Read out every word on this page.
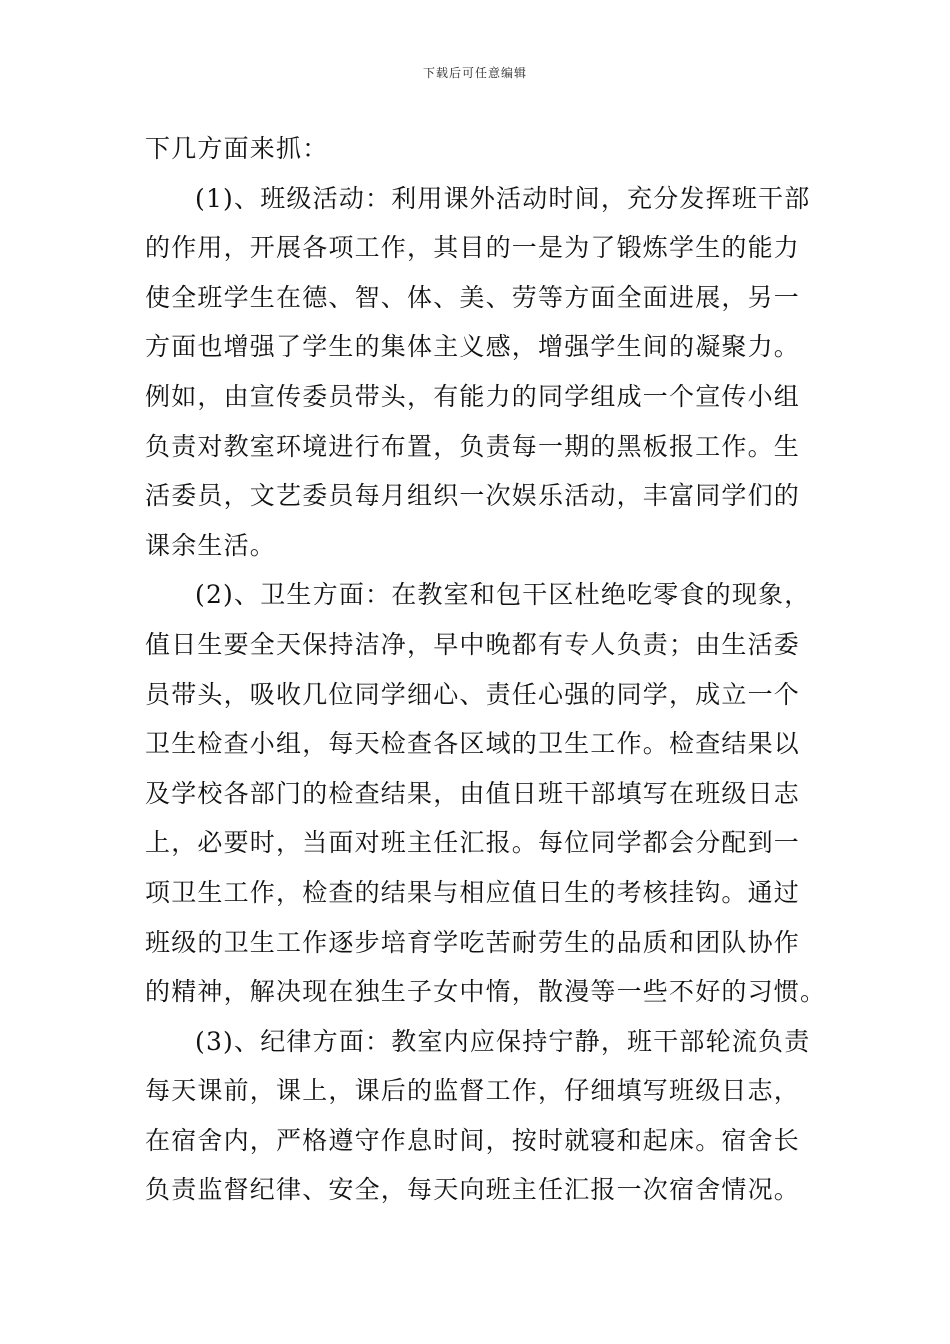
下载后可任意编辑
下几方面来抓：
(1)、班级活动：利用课外活动时间，充分发挥班干部
的作用，开展各项工作，其目的一是为了锻炼学生的能力
使全班学生在德、智、体、美、劳等方面全面进展，另一
方面也增强了学生的集体主义感，增强学生间的凝聚力。
例如，由宣传委员带头，有能力的同学组成一个宣传小组
负责对教室环境进行布置，负责每一期的黑板报工作。生
活委员，文艺委员每月组织一次娱乐活动，丰富同学们的
课余生活。
(2)、卫生方面：在教室和包干区杜绝吃零食的现象，
值日生要全天保持洁净，早中晚都有专人负责；由生活委
员带头，吸收几位同学细心、责任心强的同学，成立一个
卫生检查小组，每天检查各区域的卫生工作。检查结果以
及学校各部门的检查结果，由值日班干部填写在班级日志
上，必要时，当面对班主任汇报。每位同学都会分配到一
项卫生工作，检查的结果与相应值日生的考核挂钩。通过
班级的卫生工作逐步培育学吃苦耐劳生的品质和团队协作
的精神，解决现在独生子女中惰，散漫等一些不好的习惯。
(3)、纪律方面：教室内应保持宁静，班干部轮流负责
每天课前，课上，课后的监督工作，仔细填写班级日志，
在宿舍内，严格遵守作息时间，按时就寝和起床。宿舍长
负责监督纪律、安全，每天向班主任汇报一次宿舍情况。
